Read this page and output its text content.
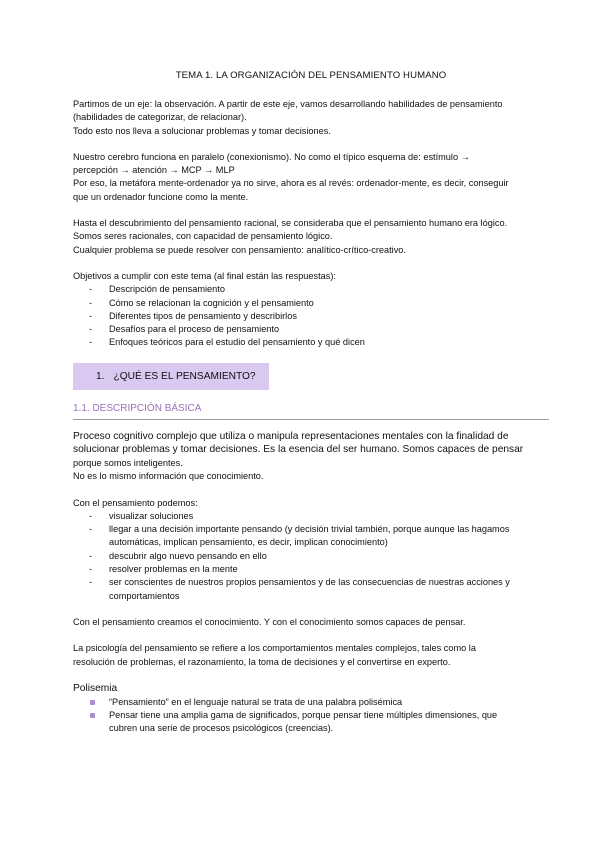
TEMA 1. LA ORGANIZACIÓN DEL PENSAMIENTO HUMANO

Partimos de un eje: la observación. A partir de este eje, vamos desarrollando habilidades de pensamiento

(habilidades de categorizar, de relacionar).

Todo esto nos lleva a solucionar problemas y tomar decisiones.

Nuestro cerebro funciona en paralelo (conexionismo). No como el típico esquema de: estímulo →

percepción → atención → MCP → MLP

Por eso, la metáfora mente-ordenador ya no sirve, ahora es al revés: ordenador-mente, es decir, conseguir

que un ordenador funcione como la mente.

Hasta el descubrimiento del pensamiento racional, se consideraba que el pensamiento humano era lógico.

Somos seres racionales, con capacidad de pensamiento lógico.

Cualquier problema se puede resolver con pensamiento: analítico-crítico-creativo.

Objetivos a cumplir con este tema (al final están las respuestas):

- Descripción de pensamiento
- Cómo se relacionan la cognición y el pensamiento
- Diferentes tipos de pensamiento y describirlos
- Desafíos para el proceso de pensamiento
- Enfoques teóricos para el estudio del pensamiento y qué dicen
1. ¿QUÉ ES EL PENSAMIENTO?
1.1. DESCRIPCIÓN BÁSICA

Proceso cognitivo complejo que utiliza o manipula representaciones mentales con la finalidad de

solucionar problemas y tomar decisiones. Es la esencia del ser humano. Somos capaces de pensar

porque somos inteligentes.

No es lo mismo información que conocimiento.

Con el pensamiento podemos:

- visualizar soluciones
- llegar a una decisión importante pensando (y decisión trivial también, porque aunque las hagamos
automáticas, implican pensamiento, es decir, implican conocimiento)
- descubrir algo nuevo pensando en ello
- resolver problemas en la mente
- ser conscientes de nuestros propios pensamientos y de las consecuencias de nuestras acciones y
comportamientos

Con el pensamiento creamos el conocimiento. Y con el conocimiento somos capaces de pensar.

La psicología del pensamiento se refiere a los comportamientos mentales complejos, tales como la

resolución de problemas, el razonamiento, la toma de decisiones y el convertirse en experto.

Polisemia

“Pensamiento” en el lenguaje natural se trata de una palabra polisémica
Pensar tiene una amplia gama de significados, porque pensar tiene múltiples dimensiones, que
cubren una serie de procesos psicológicos (creencias).
